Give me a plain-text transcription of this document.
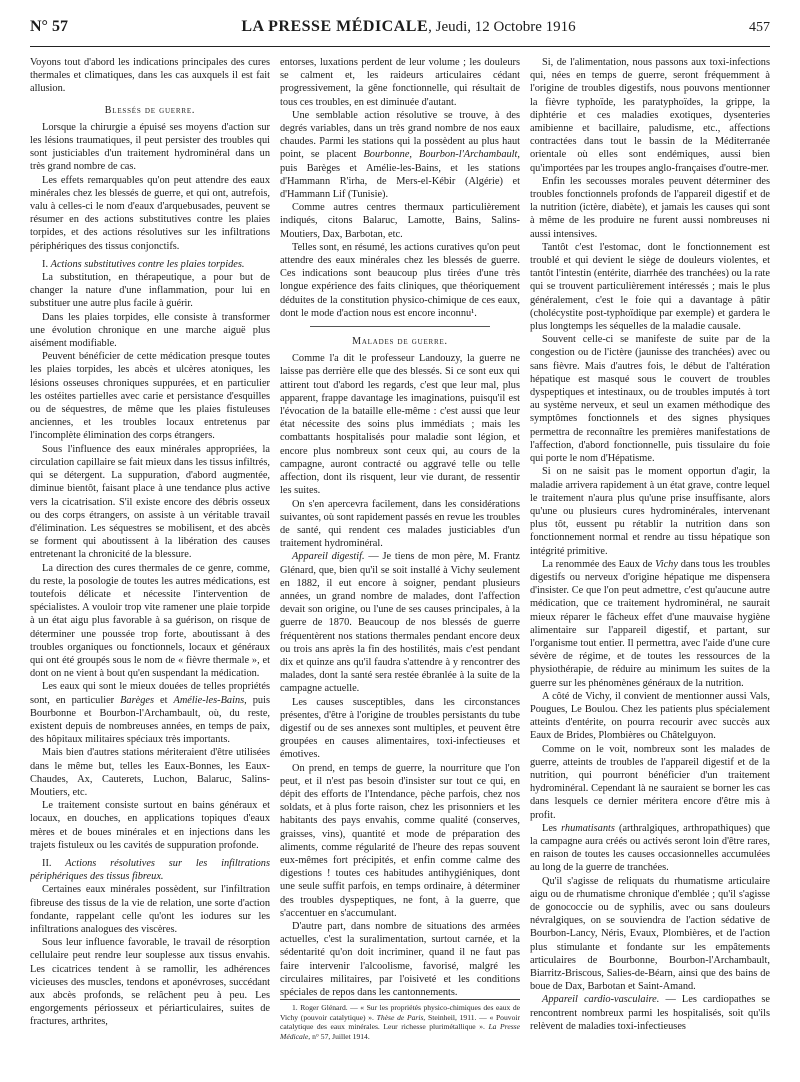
N° 57	LA PRESSE MÉDICALE, Jeudi, 12 Octobre 1916	457

Voyons tout d'abord les indications principales des cures thermales et climatiques, dans les cas auxquels il est fait allusion.

Blessés de guerre.

Lorsque la chirurgie a épuisé ses moyens d'action sur les lésions traumatiques, il peut persister des troubles qui sont justiciables d'un traitement hydrominéral dans un très grand nombre de cas.

Les effets remarquables qu'on peut attendre des eaux minérales chez les blessés de guerre, et qui ont, autrefois, valu à celles-ci le nom d'eaux d'arquebusades, peuvent se résumer en des actions substitutives contre les plaies torpides, et des actions résolutives sur les infiltrations périphériques des tissus conjonctifs.

I. Actions substitutives contre les plaies torpides.

La substitution, en thérapeutique, a pour but de changer la nature d'une inflammation, pour lui en substituer une autre plus facile à guérir.

Dans les plaies torpides, elle consiste à transformer une évolution chronique en une marche aiguë plus aisément modifiable.

Peuvent bénéficier de cette médication presque toutes les plaies torpides, les abcès et ulcères atoniques, les lésions osseuses chroniques suppurées, et en particulier les ostéites partielles avec carie et persistance d'esquilles ou de séquestres, de même que les plaies fistuleuses anciennes, et les troubles locaux entretenus par l'incomplète élimination des corps étrangers.

Sous l'influence des eaux minérales appropriées, la circulation capillaire se fait mieux dans les tissus infiltrés, qui se détergent. La suppuration, d'abord augmentée, diminue bientôt, faisant place à une tendance plus active vers la cicatrisation. S'il existe encore des débris osseux ou des corps étrangers, on assiste à un véritable travail d'élimination. Les séquestres se mobilisent, et des abcès se forment qui aboutissent à la libération des causes entretenant la chronicité de la blessure.

La direction des cures thermales de ce genre, comme, du reste, la posologie de toutes les autres médications, est toutefois délicate et nécessite l'intervention de spécialistes. A vouloir trop vite ramener une plaie torpide à un état aigu plus favorable à sa guérison, on risque de déterminer une poussée trop forte, aboutissant à des troubles organiques ou fonctionnels, locaux et généraux qui ont été groupés sous le nom de « fièvre thermale », et dont on ne vient à bout qu'en suspendant la médication.

Les eaux qui sont le mieux douées de telles propriétés sont, en particulier Barèges et Amélie-les-Bains, puis Bourbonne et Bourbon-l'Archambault, où, du reste, existent depuis de nombreuses années, en temps de paix, des hôpitaux militaires spéciaux très importants.

Mais bien d'autres stations mériteraient d'être utilisées dans le même but, telles les Eaux-Bonnes, les Eaux-Chaudes, Ax, Cauterets, Luchon, Balaruc, Salins-Moutiers, etc.

Le traitement consiste surtout en bains généraux et locaux, en douches, en applications topiques d'eaux mères et de boues minérales et en injections dans les trajets fistuleux ou les cavités de suppuration profonde.

II. Actions résolutives sur les infiltrations périphériques des tissus fibreux.

Certaines eaux minérales possèdent, sur l'infiltration fibreuse des tissus de la vie de relation, une sorte d'action fondante, rappelant celle qu'ont les iodures sur les infiltrations analogues des viscères.

Sous leur influence favorable, le travail de résorption cellulaire peut rendre leur souplesse aux tissus envahis. Les cicatrices tendent à se ramollir, les adhérences vicieuses des muscles, tendons et aponévroses, succédant aux abcès profonds, se relâchent peu à peu. Les engorgements périosseux et périarticulaires, suites de fractures, arthrites,

entorses, luxations perdent de leur volume ; les douleurs se calment et, les raideurs articulaires cédant progressivement, la gêne fonctionnelle, qui résultait de tous ces troubles, en est diminuée d'autant.

Une semblable action résolutive se trouve, à des degrés variables, dans un très grand nombre de nos eaux chaudes. Parmi les stations qui la possèdent au plus haut point, se placent Bourbonne, Bourbon-l'Archambault, puis Barèges et Amélie-les-Bains, et les stations d'Hammann R'irha, de Mers-el-Kébir (Algérie) et d'Hammann Lif (Tunisie).

Comme autres centres thermaux particulièrement indiqués, citons Balaruc, Lamotte, Bains, Salins-Moutiers, Dax, Barbotan, etc.

Telles sont, en résumé, les actions curatives qu'on peut attendre des eaux minérales chez les blessés de guerre. Ces indications sont beaucoup plus tirées d'une très longue expérience des faits cliniques, que théoriquement déduites de la constitution physico-chimique de ces eaux, dont le mode d'action nous est encore inconnu¹.

Malades de guerre.

Comme l'a dit le professeur Landouzy, la guerre ne laisse pas derrière elle que des blessés. Si ce sont eux qui attirent tout d'abord les regards, c'est que leur mal, plus apparent, frappe davantage les imaginations, puisqu'il est l'évocation de la bataille elle-même : c'est aussi que leur état nécessite des soins plus immédiats ; mais les combattants hospitalisés pour maladie sont légion, et encore plus nombreux sont ceux qui, au cours de la campagne, auront contracté ou aggravé telle ou telle affection, dont ils risquent, leur vie durant, de ressentir les suites.

On s'en apercevra facilement, dans les considérations suivantes, où sont rapidement passés en revue les troubles de santé, qui rendent ces malades justiciables d'un traitement hydrominéral.

Appareil digestif. — Je tiens de mon père, M. Frantz Glénard, que, bien qu'il se soit installé à Vichy seulement en 1882, il eut encore à soigner, pendant plusieurs années, un grand nombre de malades, dont l'affection devait son origine, ou l'une de ses causes principales, à la guerre de 1870. Beaucoup de nos blessés de guerre fréquentèrent nos stations thermales pendant encore deux ou trois ans après la fin des hostilités, mais c'est pendant dix et quinze ans qu'il faudra s'attendre à y rencontrer des malades, dont la santé sera restée ébranlée à la suite de la campagne actuelle.

Les causes susceptibles, dans les circonstances présentes, d'être à l'origine de troubles persistants du tube digestif ou de ses annexes sont multiples, et peuvent être groupées en causes alimentaires, toxi-infectieuses et émotives.

On prend, en temps de guerre, la nourriture que l'on peut, et il n'est pas besoin d'insister sur tout ce qui, en dépit des efforts de l'Intendance, pèche parfois, chez nos soldats, et à plus forte raison, chez les prisonniers et les habitants des pays envahis, comme qualité (conserves, graisses, vins), quantité et mode de préparation des aliments, comme régularité de l'heure des repas souvent eux-mêmes fort précipités, et enfin comme calme des digestions ! toutes ces habitudes antihygiéniques, dont une seule suffit parfois, en temps ordinaire, à déterminer des troubles dyspeptiques, ne font, à la guerre, que s'accentuer en s'accumulant.

D'autre part, dans nombre de situations des armées actuelles, c'est la suralimentation, surtout carnée, et la sédentarité qu'on doit incriminer, quand il ne faut pas faire intervenir l'alcoolisme, favorisé, malgré les circulaires militaires, par l'oisiveté et les conditions spéciales de repos dans les cantonnements.

1. Roger Glénard. — « Sur les propriétés physico-chimiques des eaux de Vichy (pouvoir catalytique) ». Thèse de Paris, Steinheil, 1911. — « Pouvoir catalytique des eaux minérales. Leur richesse plurimétallique ». La Presse Médicale, n° 57, Juillet 1914.

Si, de l'alimentation, nous passons aux toxi-infections qui, nées en temps de guerre, seront fréquemment à l'origine de troubles digestifs, nous pouvons mentionner la fièvre typhoïde, les paratyphoïdes, la grippe, la diphtérie et ces maladies exotiques, dysenteries amibienne et bacillaire, paludisme, etc., affections contractées dans tout le bassin de la Méditerranée orientale où elles sont endémiques, aussi bien qu'importées par les troupes anglo-françaises d'outre-mer.

Enfin les secousses morales peuvent déterminer des troubles fonctionnels profonds de l'appareil digestif et de la nutrition (ictère, diabète), et jamais les causes qui sont à même de les produire ne furent aussi nombreuses ni aussi intensives.

Tantôt c'est l'estomac, dont le fonctionnement est troublé et qui devient le siège de douleurs violentes, et tantôt l'intestin (entérite, diarrhée des tranchées) ou la rate qui se trouvent particulièrement intéressés ; mais le plus généralement, c'est le foie qui a davantage à pâtir (cholécystite post-typhoïdique par exemple) et gardera le plus longtemps les séquelles de la maladie causale.

Souvent celle-ci se manifeste de suite par de la congestion ou de l'ictère (jaunisse des tranchées) avec ou sans fièvre. Mais d'autres fois, le début de l'altération hépatique est masqué sous le couvert de troubles dyspeptiques et intestinaux, ou de troubles imputés à tort au système nerveux, et seul un examen méthodique des symptômes fonctionnels et des signes physiques permettra de reconnaître les premières manifestations de l'affection, d'abord fonctionnelle, puis tissulaire du foie qui porte le nom d'Hépatisme.

Si on ne saisit pas le moment opportun d'agir, la maladie arrivera rapidement à un état grave, contre lequel le traitement n'aura plus qu'une prise insuffisante, alors qu'une ou plusieurs cures hydrominérales, intervenant plus tôt, eussent pu rétablir la nutrition dans son fonctionnement normal et rendre au tissu hépatique son intégrité primitive.

La renommée des Eaux de Vichy dans tous les troubles digestifs ou nerveux d'origine hépatique me dispensera d'insister. Ce que l'on peut admettre, c'est qu'aucune autre médication, que ce traitement hydrominéral, ne saurait mieux réparer le fâcheux effet d'une mauvaise hygiène alimentaire sur l'appareil digestif, et partant, sur l'organisme tout entier. Il permettra, avec l'aide d'une cure sévère de régime, et de toutes les ressources de la physiothérapie, de réduire au minimum les suites de la guerre sur les phénomènes généraux de la nutrition.

A côté de Vichy, il convient de mentionner aussi Vals, Pougues, Le Boulou. Chez les patients plus spécialement atteints d'entérite, on pourra recourir avec succès aux Eaux de Brides, Plombières ou Châtelguyon.

Comme on le voit, nombreux sont les malades de guerre, atteints de troubles de l'appareil digestif et de la nutrition, qui pourront bénéficier d'un traitement hydrominéral. Cependant là ne sauraient se borner les cas dans lesquels ce dernier méritera encore d'être mis à profit.

Les rhumatisants (arthralgiques, arthropathiques) que la campagne aura créés ou activés seront loin d'être rares, en raison de toutes les causes occasionnelles accumulées au long de la guerre de tranchées.

Qu'il s'agisse de reliquats du rhumatisme articulaire aigu ou de rhumatisme chronique d'emblée ; qu'il s'agisse de gonococcie ou de syphilis, avec ou sans douleurs névralgiques, on se souviendra de l'action sédative de Bourbon-Lancy, Néris, Evaux, Plombières, et de l'action plus stimulante et fondante sur les empâtements articulaires de Bourbonne, Bourbon-l'Archambault, Biarritz-Briscous, Salies-de-Béarn, ainsi que des bains de boue de Dax, Barbotan et Saint-Amand.

Appareil cardio-vasculaire. — Les cardiopathes se rencontrent nombreux parmi les hospitalisés, soit qu'ils relèvent de maladies toxi-infectieuses
